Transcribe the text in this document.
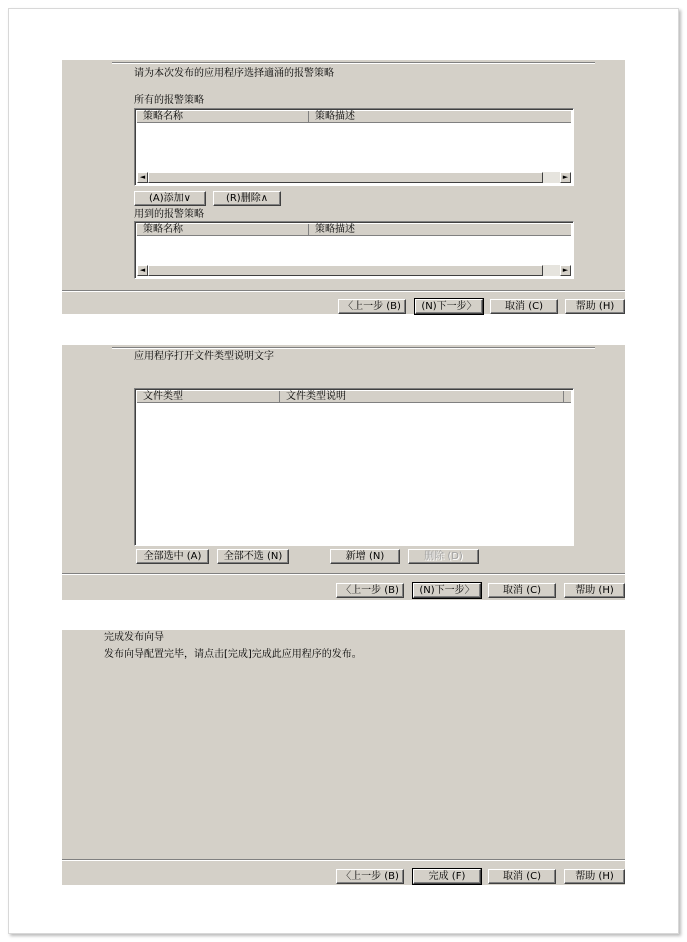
请为本次发布的应用程序选择適涌的报警策略
所有的报警策略
策略名称	策略描述
◄	►
(A)添加∨	(R)删除∧
用到的报警策略
策略名称	策略描述
◄	►
〈上一步 (B)	(N)下一步〉	取消 (C)	帮助 (H)
应用程序打开文件类型说明文字
文件类型	文件类型说明
全部选中 (A)	全部不选 (N)	新增 (N)	删除 (D)
〈上一步 (B)	(N)下一步〉	取消 (C)	帮助 (H)
完成发布向导
发布向导配置完毕，请点击[完成]完成此应用程序的发布。
〈上一步 (B)	完成 (F)	取消 (C)	帮助 (H)
